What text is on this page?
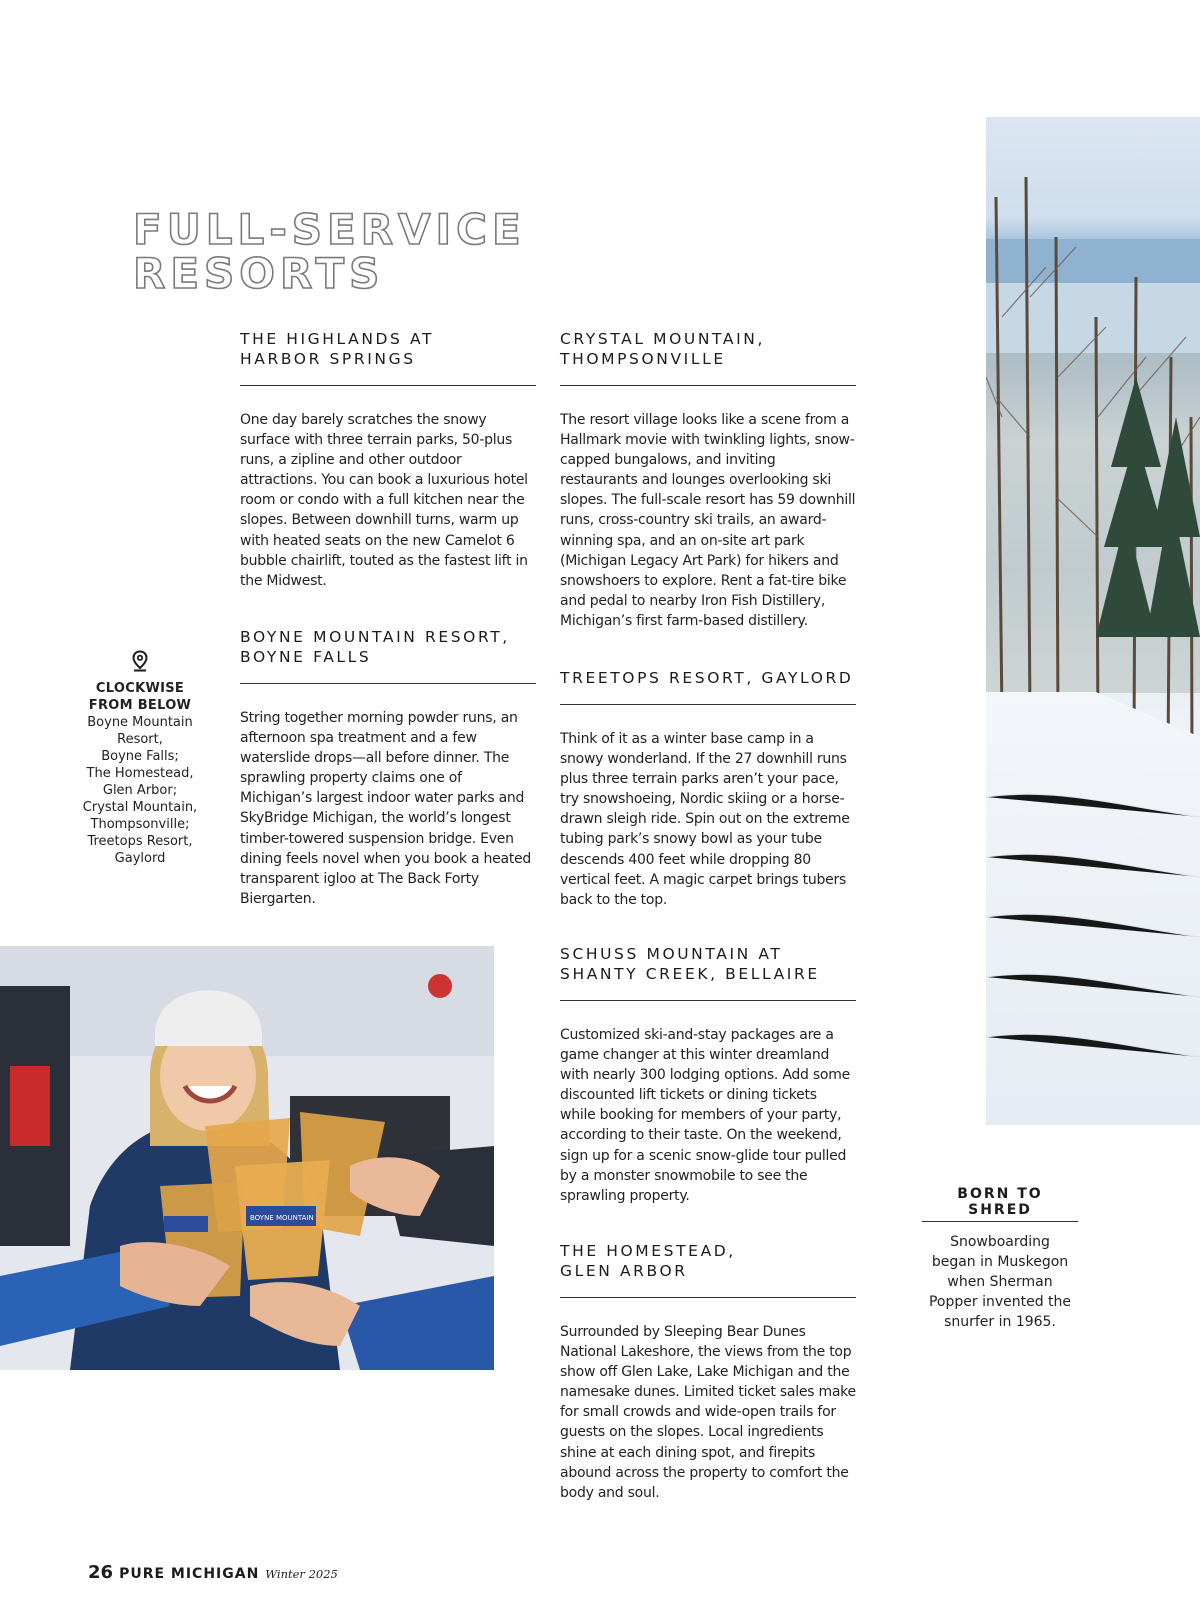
FULL-SERVICE
RESORTS
THE HIGHLANDS AT
HARBOR SPRINGS

One day barely scratches the snowy surface with three terrain parks, 50-plus runs, a zipline and other outdoor attractions. You can book a luxurious hotel room or condo with a full kitchen near the slopes. Between downhill turns, warm up with heated seats on the new Camelot 6 bubble chairlift, touted as the fastest lift in the Midwest.

BOYNE MOUNTAIN RESORT,
BOYNE FALLS

String together morning powder runs, an afternoon spa treatment and a few waterslide drops—all before dinner. The sprawling property claims one of Michigan’s largest indoor water parks and SkyBridge Michigan, the world’s longest timber-towered suspension bridge. Even dining feels novel when you book a heated transparent igloo at The Back Forty Biergarten.

CRYSTAL MOUNTAIN,
THOMPSONVILLE

The resort village looks like a scene from a Hallmark movie with twinkling lights, snow-capped bungalows, and inviting restaurants and lounges overlooking ski slopes. The full-scale resort has 59 downhill runs, cross-country ski trails, an award-winning spa, and an on-site art park (Michigan Legacy Art Park) for hikers and snowshoers to explore. Rent a fat-tire bike and pedal to nearby Iron Fish Distillery, Michigan’s first farm-based distillery.

TREETOPS RESORT, GAYLORD

Think of it as a winter base camp in a snowy wonderland. If the 27 downhill runs plus three terrain parks aren’t your pace, try snowshoeing, Nordic skiing or a horse-drawn sleigh ride. Spin out on the extreme tubing park’s snowy bowl as your tube descends 400 feet while dropping 80 vertical feet. A magic carpet brings tubers back to the top.

SCHUSS MOUNTAIN AT
SHANTY CREEK, BELLAIRE

Customized ski-and-stay packages are a game changer at this winter dreamland with nearly 300 lodging options. Add some discounted lift tickets or dining tickets while booking for members of your party, according to their taste. On the weekend, sign up for a scenic snow-glide tour pulled by a monster snowmobile to see the sprawling property.

THE HOMESTEAD,
GLEN ARBOR

Surrounded by Sleeping Bear Dunes National Lakeshore, the views from the top show off Glen Lake, Lake Michigan and the namesake dunes. Limited ticket sales make for small crowds and wide-open trails for guests on the slopes. Local ingredients shine at each dining spot, and firepits abound across the property to comfort the body and soul.

CLOCKWISE FROM BELOW
Boyne Mountain
Resort,
Boyne Falls;
The Homestead,
Glen Arbor;
Crystal Mountain,
Thompsonville;
Treetops Resort,
Gaylord
BOYNE MOUNTAIN
BORN TO SHRED

Snowboarding
began in Muskegon
when Sherman
Popper invented the
snurfer in 1965.

26 PURE MICHIGAN Winter 2025
